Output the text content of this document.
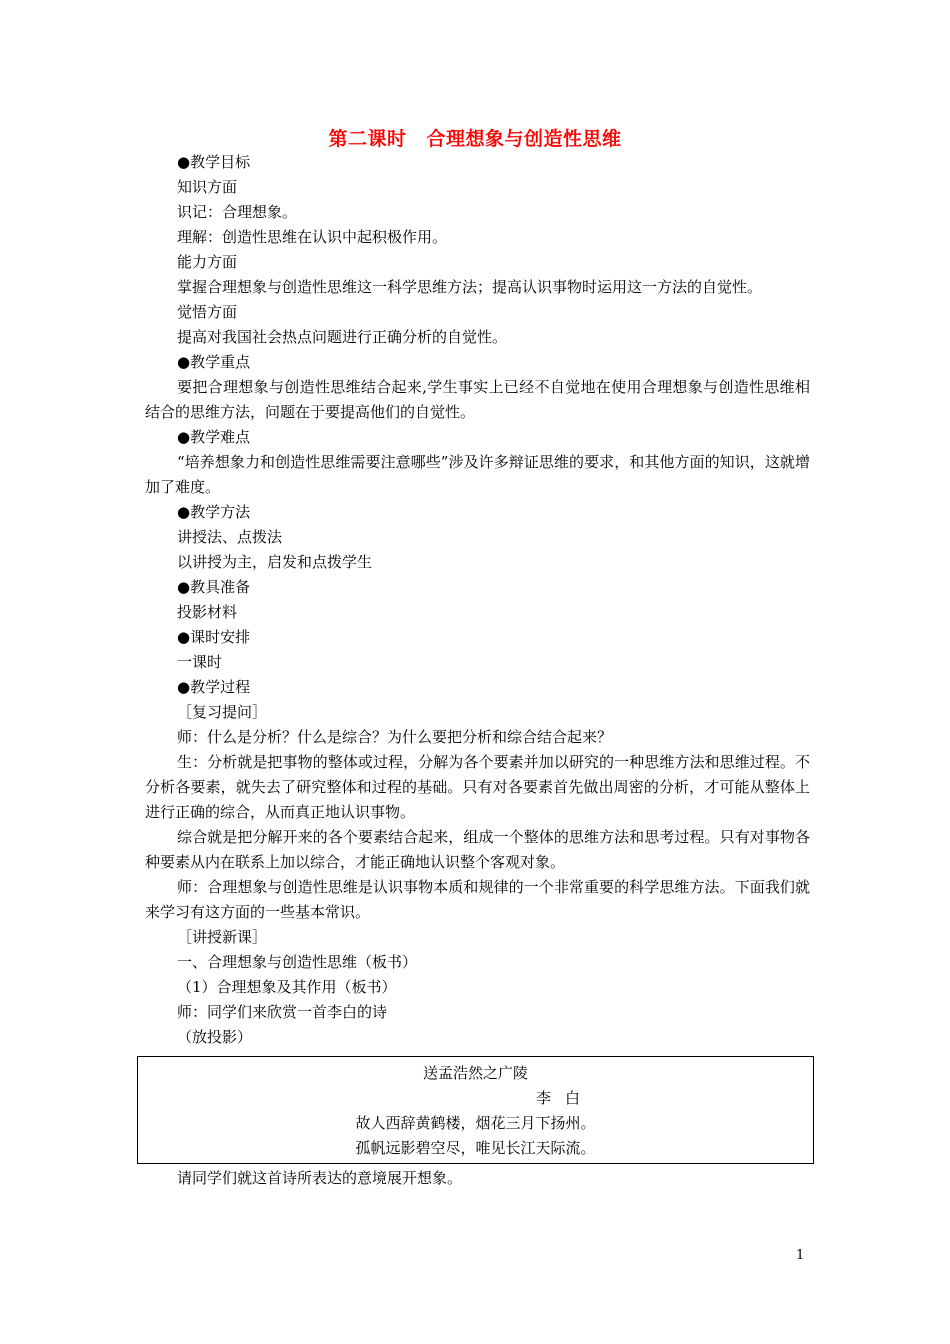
第二课时 合理想象与创造性思维

●教学目标

知识方面

识记：合理想象。

理解：创造性思维在认识中起积极作用。

能力方面

掌握合理想象与创造性思维这一科学思维方法；提高认识事物时运用这一方法的自觉性。

觉悟方面

提高对我国社会热点问题进行正确分析的自觉性。

●教学重点

要把合理想象与创造性思维结合起来,学生事实上已经不自觉地在使用合理想象与创造性思维相结合的思维方法，问题在于要提高他们的自觉性。

●教学难点

“培养想象力和创造性思维需要注意哪些”涉及许多辩证思维的要求，和其他方面的知识，这就增加了难度。

●教学方法

讲授法、点拨法

以讲授为主，启发和点拨学生

●教具准备

投影材料

●课时安排

一课时

●教学过程

［复习提问］

师：什么是分析？什么是综合？为什么要把分析和综合结合起来？

生：分析就是把事物的整体或过程，分解为各个要素并加以研究的一种思维方法和思维过程。不分析各要素，就失去了研究整体和过程的基础。只有对各要素首先做出周密的分析，才可能从整体上进行正确的综合，从而真正地认识事物。

综合就是把分解开来的各个要素结合起来，组成一个整体的思维方法和思考过程。只有对事物各种要素从内在联系上加以综合，才能正确地认识整个客观对象。

师：合理想象与创造性思维是认识事物本质和规律的一个非常重要的科学思维方法。下面我们就来学习有这方面的一些基本常识。

［讲授新课］

一、合理想象与创造性思维（板书）

（1）合理想象及其作用（板书）

师：同学们来欣赏一首李白的诗

（放投影）

送孟浩然之广陵
李白
故人西辞黄鹤楼，烟花三月下扬州。
孤帆远影碧空尽，唯见长江天际流。

请同学们就这首诗所表达的意境展开想象。

1
